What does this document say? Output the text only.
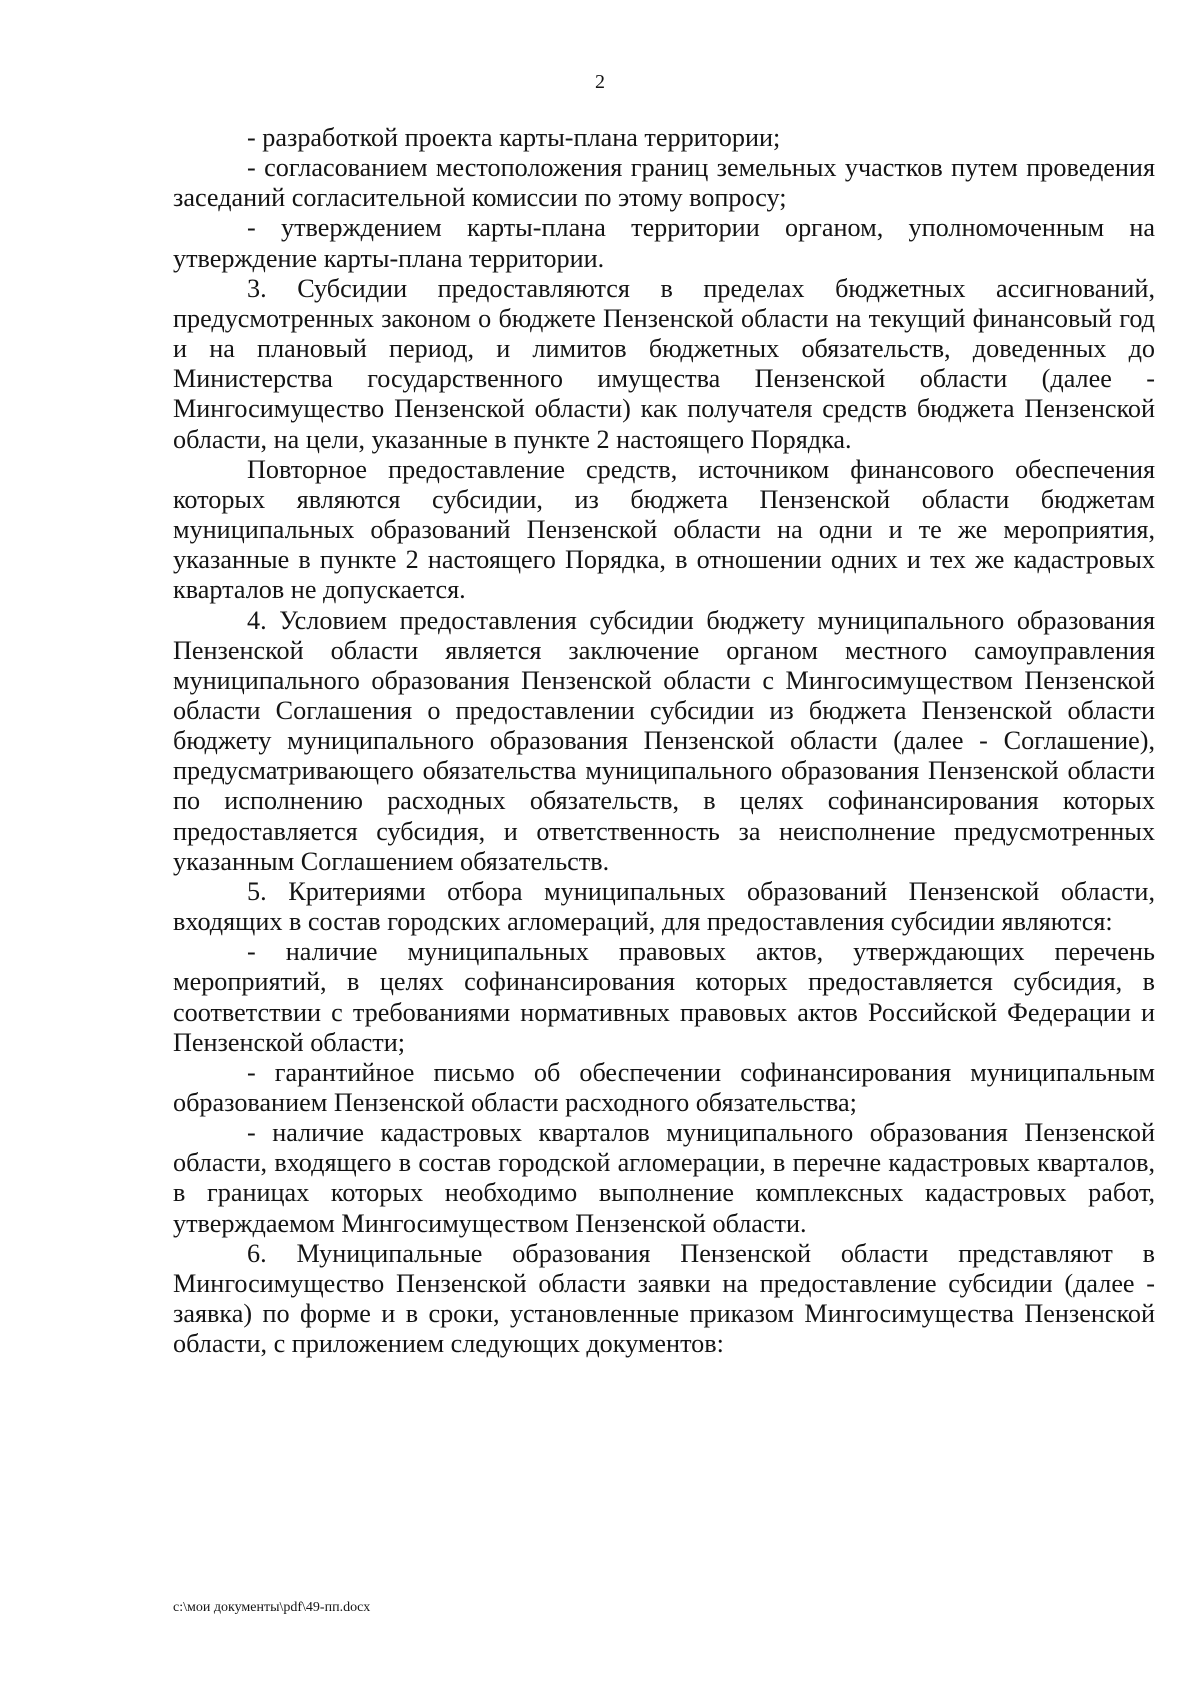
2

- разработкой проекта карты-плана территории;

- согласованием местоположения границ земельных участков путем проведения заседаний согласительной комиссии по этому вопросу;

- утверждением карты-плана территории органом, уполномоченным на утверждение карты-плана территории.

3. Субсидии предоставляются в пределах бюджетных ассигнований, предусмотренных законом о бюджете Пензенской области на текущий финансовый год и на плановый период, и лимитов бюджетных обязательств, доведенных до Министерства государственного имущества Пензенской области (далее - Мингосимущество Пензенской области) как получателя средств бюджета Пензенской области, на цели, указанные в пункте 2 настоящего Порядка.

Повторное предоставление средств, источником финансового обеспечения которых являются субсидии, из бюджета Пензенской области бюджетам муниципальных образований Пензенской области на одни и те же мероприятия, указанные в пункте 2 настоящего Порядка, в отношении одних и тех же кадастровых кварталов не допускается.

4. Условием предоставления субсидии бюджету муниципального образования Пензенской области является заключение органом местного самоуправления муниципального образования Пензенской области с Мингосимуществом Пензенской области Соглашения о предоставлении субсидии из бюджета Пензенской области бюджету муниципального образования Пензенской области (далее - Соглашение), предусматривающего обязательства муниципального образования Пензенской области по исполнению расходных обязательств, в целях софинансирования которых предоставляется субсидия, и ответственность за неисполнение предусмотренных указанным Соглашением обязательств.

5. Критериями отбора муниципальных образований Пензенской области, входящих в состав городских агломераций, для предоставления субсидии являются:

- наличие муниципальных правовых актов, утверждающих перечень мероприятий, в целях софинансирования которых предоставляется субсидия, в соответствии с требованиями нормативных правовых актов Российской Федерации и Пензенской области;

- гарантийное письмо об обеспечении софинансирования муниципальным образованием Пензенской области расходного обязательства;

- наличие кадастровых кварталов муниципального образования Пензенской области, входящего в состав городской агломерации, в перечне кадастровых кварталов, в границах которых необходимо выполнение комплексных кадастровых работ, утверждаемом Мингосимуществом Пензенской области.

6. Муниципальные образования Пензенской области представляют в Мингосимущество Пензенской области заявки на предоставление субсидии (далее - заявка) по форме и в сроки, установленные приказом Мингосимущества Пензенской области, с приложением следующих документов:

c:\мои документы\pdf\49-пп.docx
